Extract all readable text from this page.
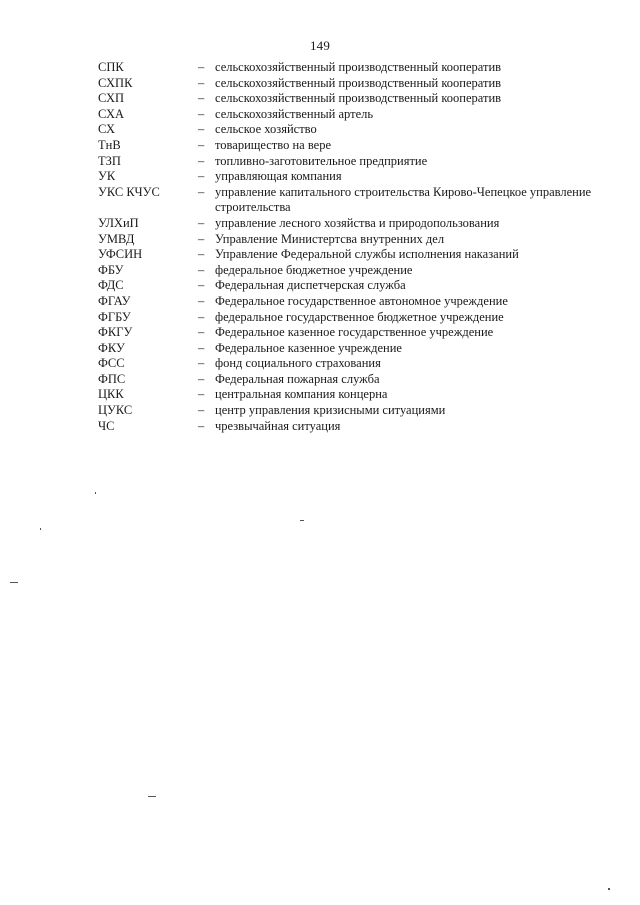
149
СПК	– сельскохозяйственный производственный кооператив
СХПК	– сельскохозяйственный производственный кооператив
СХП	– сельскохозяйственный производственный кооператив
СХА	– сельскохозяйственный артель
СХ	– сельское хозяйство
ТнВ	– товарищество на вере
ТЗП	– топливно-заготовительное предприятие
УК	– управляющая компания
УКС КЧУС	– управление капитального строительства Кирово-Чепецкое управление строительства
УЛХиП	– управление лесного хозяйства и природопользования
УМВД	– Управление Министертсва внутренних дел
УФСИН	– Управление Федеральной службы исполнения наказаний
ФБУ	– федеральное бюджетное учреждение
ФДС	– Федеральная диспетчерская служба
ФГАУ	– Федеральное государственное автономное учреждение
ФГБУ	– федеральное государственное бюджетное учреждение
ФКГУ	– Федеральное казенное государственное учреждение
ФКУ	– Федеральное казенное учреждение
ФСС	– фонд социального страхования
ФПС	– Федеральная пожарная служба
ЦКК	– центральная компания концерна
ЦУКС	– центр управления кризисными ситуациями
ЧС	– чрезвычайная ситуация
